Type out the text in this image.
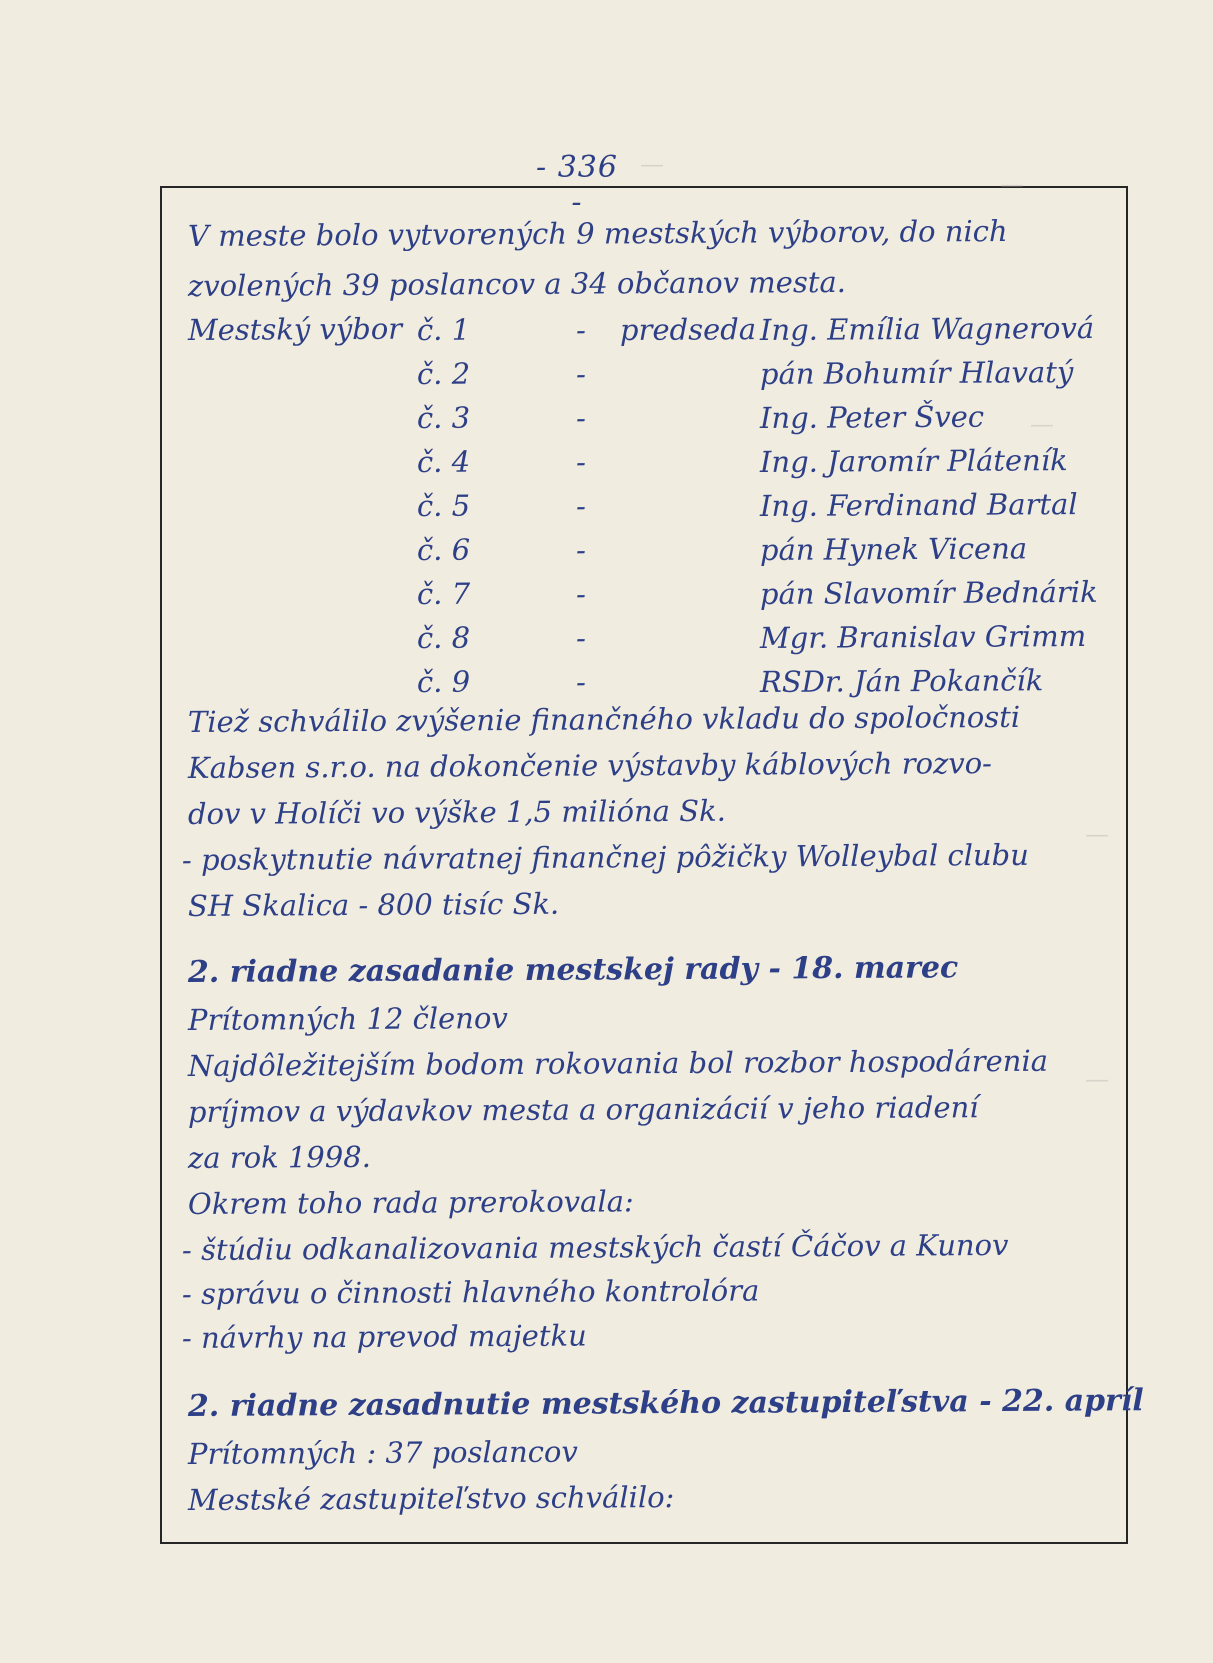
- 336 -
—
—
—
—
—
V meste bolo vytvorených 9 mestských výborov, do nich
zvolených 39 poslancov a 34 občanov mesta.
Mestský výbor č. 1	-	predseda Ing. Emília Wagnerová
č. 2	-	pán Bohumír Hlavatý
č. 3	-	Ing. Peter Švec
č. 4	-	Ing. Jaromír Pláteník
č. 5	-	Ing. Ferdinand Bartal
č. 6	-	pán Hynek Vicena
č. 7	-	pán Slavomír Bednárik
č. 8	-	Mgr. Branislav Grimm
č. 9	-	RSDr. Ján Pokančík
Tiež schválilo zvýšenie finančného vkladu do spoločnosti
Kabsen s.r.o. na dokončenie výstavby káblových rozvo-
dov v Holíči vo výške 1,5 milióna Sk.
- poskytnutie návratnej finančnej pôžičky Wolleybal clubu
SH Skalica - 800 tisíc Sk.
2. riadne zasadanie mestskej rady - 18. marec
Prítomných 12 členov
Najdôležitejším bodom rokovania bol rozbor hospodárenia
príjmov a výdavkov mesta a organizácií v jeho riadení
za rok 1998.
Okrem toho rada prerokovala:
- štúdiu odkanalizovania mestských častí Čáčov a Kunov
- správu o činnosti hlavného kontrolóra
- návrhy na prevod majetku
2. riadne zasadnutie mestského zastupiteľstva - 22. apríl
Prítomných : 37 poslancov
Mestské zastupiteľstvo schválilo:
